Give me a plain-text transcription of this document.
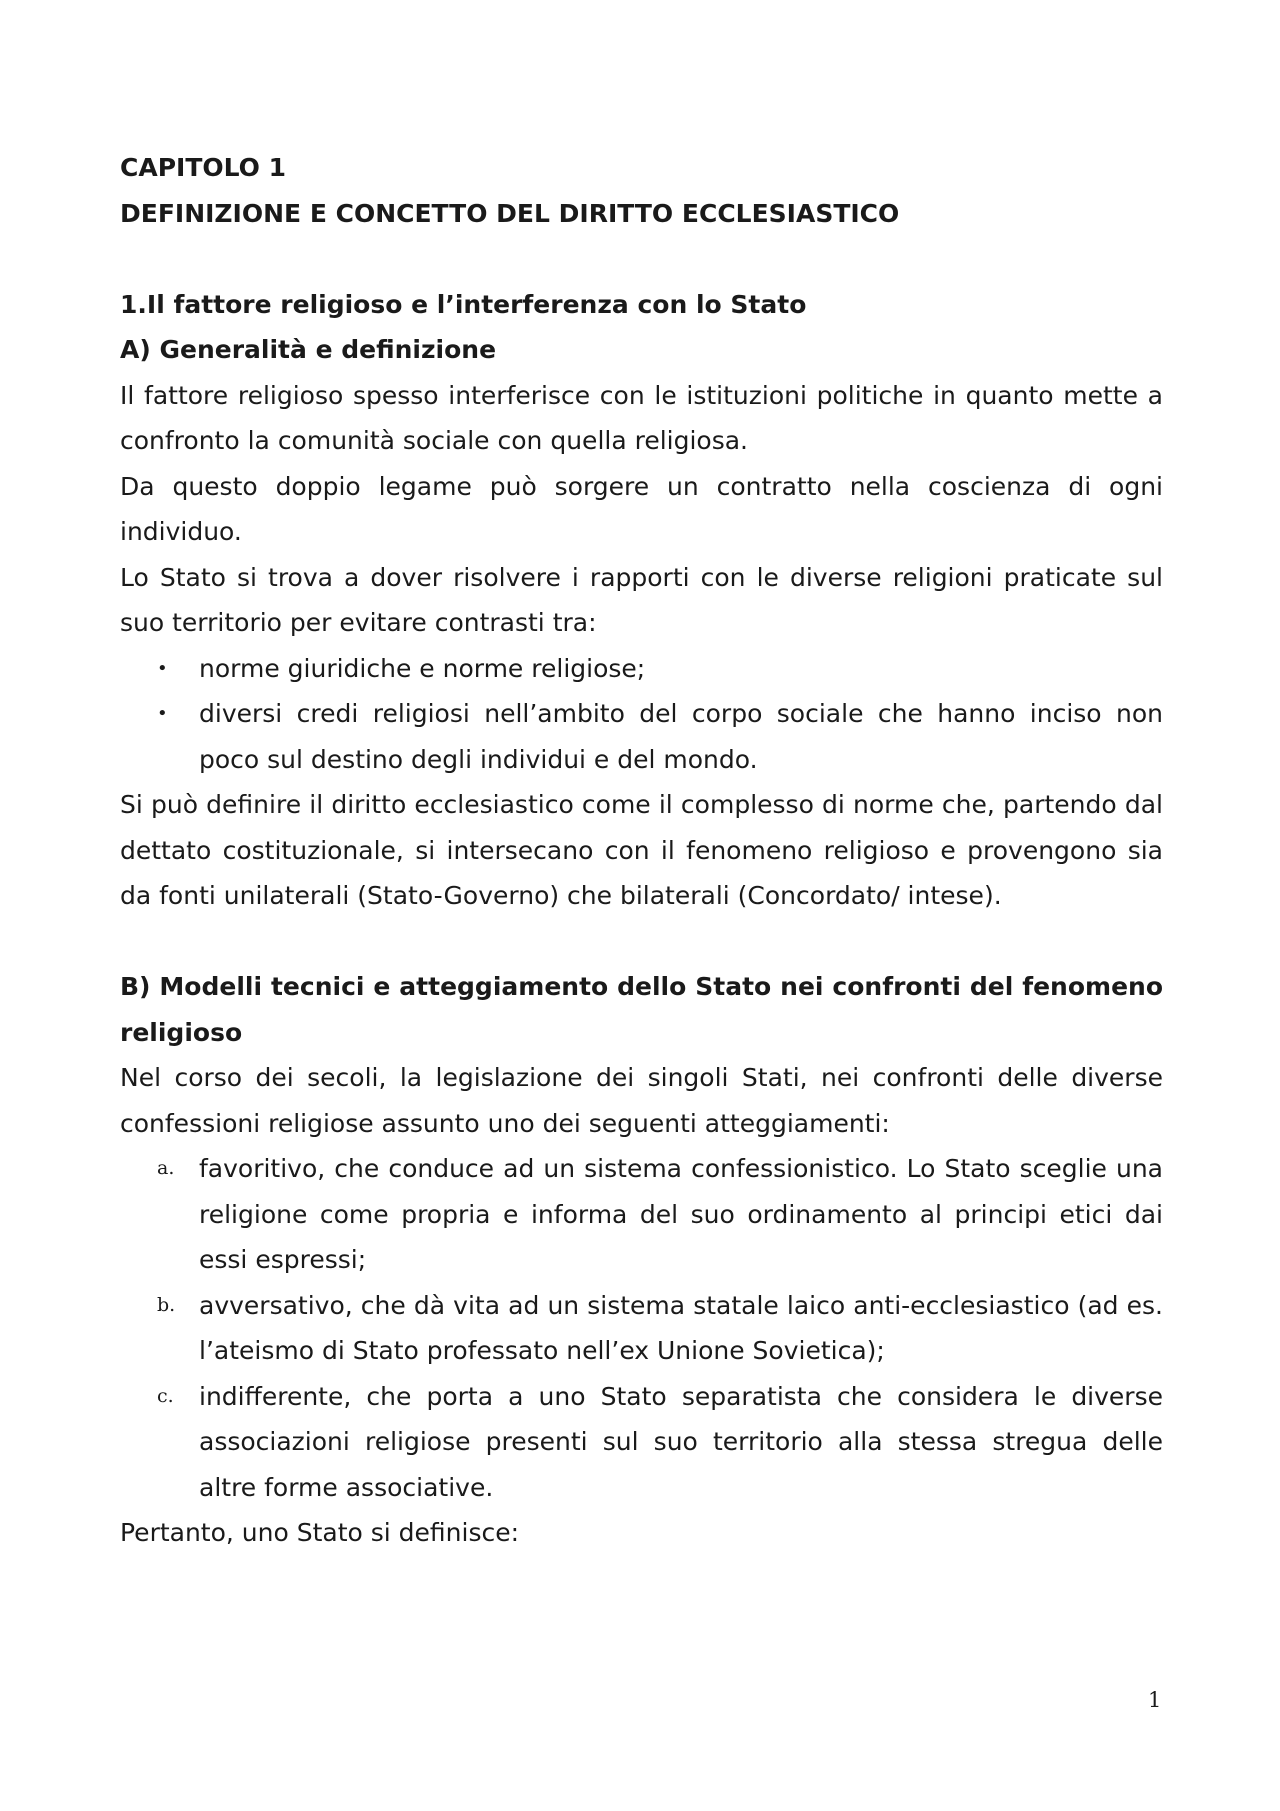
CAPITOLO 1

DEFINIZIONE E CONCETTO DEL DIRITTO ECCLESIASTICO

1.Il fattore religioso e l’interferenza con lo Stato

A) Generalità e definizione

Il fattore religioso spesso interferisce con le istituzioni politiche in quanto mette a confronto la comunità sociale con quella religiosa.

Da questo doppio legame può sorgere un contratto nella coscienza di ogni individuo.

Lo Stato si trova a dover risolvere i rapporti con le diverse religioni praticate sul suo territorio per evitare contrasti tra:

•	norme giuridiche e norme religiose;
•	diversi credi religiosi nell’ambito del corpo sociale che hanno inciso non poco sul destino degli individui e del mondo.

Si può definire il diritto ecclesiastico come il complesso di norme che, partendo dal dettato costituzionale, si intersecano con il fenomeno religioso e provengono sia da fonti unilaterali (Stato-Governo) che bilaterali (Concordato/ intese).

B) Modelli tecnici e atteggiamento dello Stato nei confronti del fenomeno religioso

Nel corso dei secoli, la legislazione dei singoli Stati, nei confronti delle diverse confessioni religiose assunto uno dei seguenti atteggiamenti:

a. favoritivo, che conduce ad un sistema confessionistico. Lo Stato sceglie una religione come propria e informa del suo ordinamento al principi etici dai essi espressi;
b. avversativo, che dà vita ad un sistema statale laico anti-ecclesiastico (ad es. l’ateismo di Stato professato nell’ex Unione Sovietica);
c.	indifferente, che porta a uno Stato separatista che considera le diverse associazioni religiose presenti sul suo territorio alla stessa stregua delle altre forme associative.

Pertanto, uno Stato si definisce:

1
